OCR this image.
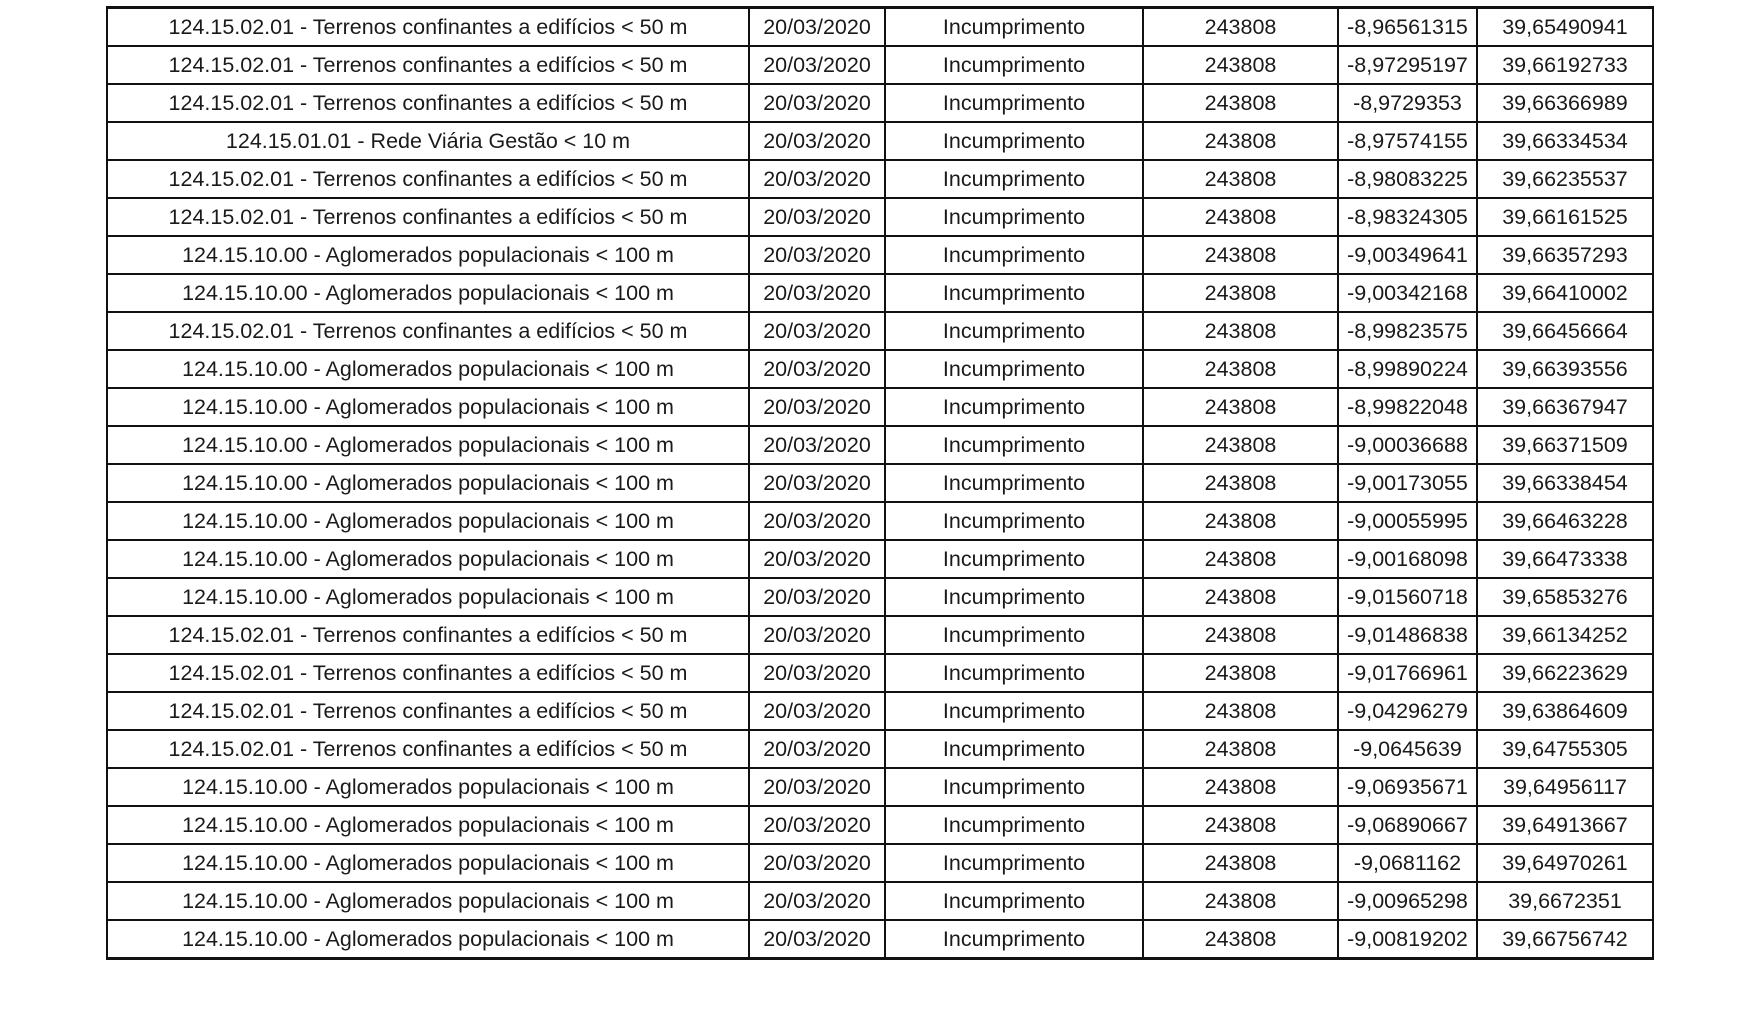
124.15.02.01 - Terrenos confinantes a edifícios < 50 m	20/03/2020	Incumprimento	243808	-8,96561315	39,65490941
124.15.02.01 - Terrenos confinantes a edifícios < 50 m	20/03/2020	Incumprimento	243808	-8,97295197	39,66192733
124.15.02.01 - Terrenos confinantes a edifícios < 50 m	20/03/2020	Incumprimento	243808	-8,9729353	39,66366989
124.15.01.01 - Rede Viária Gestão < 10 m	20/03/2020	Incumprimento	243808	-8,97574155	39,66334534
124.15.02.01 - Terrenos confinantes a edifícios < 50 m	20/03/2020	Incumprimento	243808	-8,98083225	39,66235537
124.15.02.01 - Terrenos confinantes a edifícios < 50 m	20/03/2020	Incumprimento	243808	-8,98324305	39,66161525
124.15.10.00 - Aglomerados populacionais < 100 m	20/03/2020	Incumprimento	243808	-9,00349641	39,66357293
124.15.10.00 - Aglomerados populacionais < 100 m	20/03/2020	Incumprimento	243808	-9,00342168	39,66410002
124.15.02.01 - Terrenos confinantes a edifícios < 50 m	20/03/2020	Incumprimento	243808	-8,99823575	39,66456664
124.15.10.00 - Aglomerados populacionais < 100 m	20/03/2020	Incumprimento	243808	-8,99890224	39,66393556
124.15.10.00 - Aglomerados populacionais < 100 m	20/03/2020	Incumprimento	243808	-8,99822048	39,66367947
124.15.10.00 - Aglomerados populacionais < 100 m	20/03/2020	Incumprimento	243808	-9,00036688	39,66371509
124.15.10.00 - Aglomerados populacionais < 100 m	20/03/2020	Incumprimento	243808	-9,00173055	39,66338454
124.15.10.00 - Aglomerados populacionais < 100 m	20/03/2020	Incumprimento	243808	-9,00055995	39,66463228
124.15.10.00 - Aglomerados populacionais < 100 m	20/03/2020	Incumprimento	243808	-9,00168098	39,66473338
124.15.10.00 - Aglomerados populacionais < 100 m	20/03/2020	Incumprimento	243808	-9,01560718	39,65853276
124.15.02.01 - Terrenos confinantes a edifícios < 50 m	20/03/2020	Incumprimento	243808	-9,01486838	39,66134252
124.15.02.01 - Terrenos confinantes a edifícios < 50 m	20/03/2020	Incumprimento	243808	-9,01766961	39,66223629
124.15.02.01 - Terrenos confinantes a edifícios < 50 m	20/03/2020	Incumprimento	243808	-9,04296279	39,63864609
124.15.02.01 - Terrenos confinantes a edifícios < 50 m	20/03/2020	Incumprimento	243808	-9,0645639	39,64755305
124.15.10.00 - Aglomerados populacionais < 100 m	20/03/2020	Incumprimento	243808	-9,06935671	39,64956117
124.15.10.00 - Aglomerados populacionais < 100 m	20/03/2020	Incumprimento	243808	-9,06890667	39,64913667
124.15.10.00 - Aglomerados populacionais < 100 m	20/03/2020	Incumprimento	243808	-9,0681162	39,64970261
124.15.10.00 - Aglomerados populacionais < 100 m	20/03/2020	Incumprimento	243808	-9,00965298	39,6672351
124.15.10.00 - Aglomerados populacionais < 100 m	20/03/2020	Incumprimento	243808	-9,00819202	39,66756742
